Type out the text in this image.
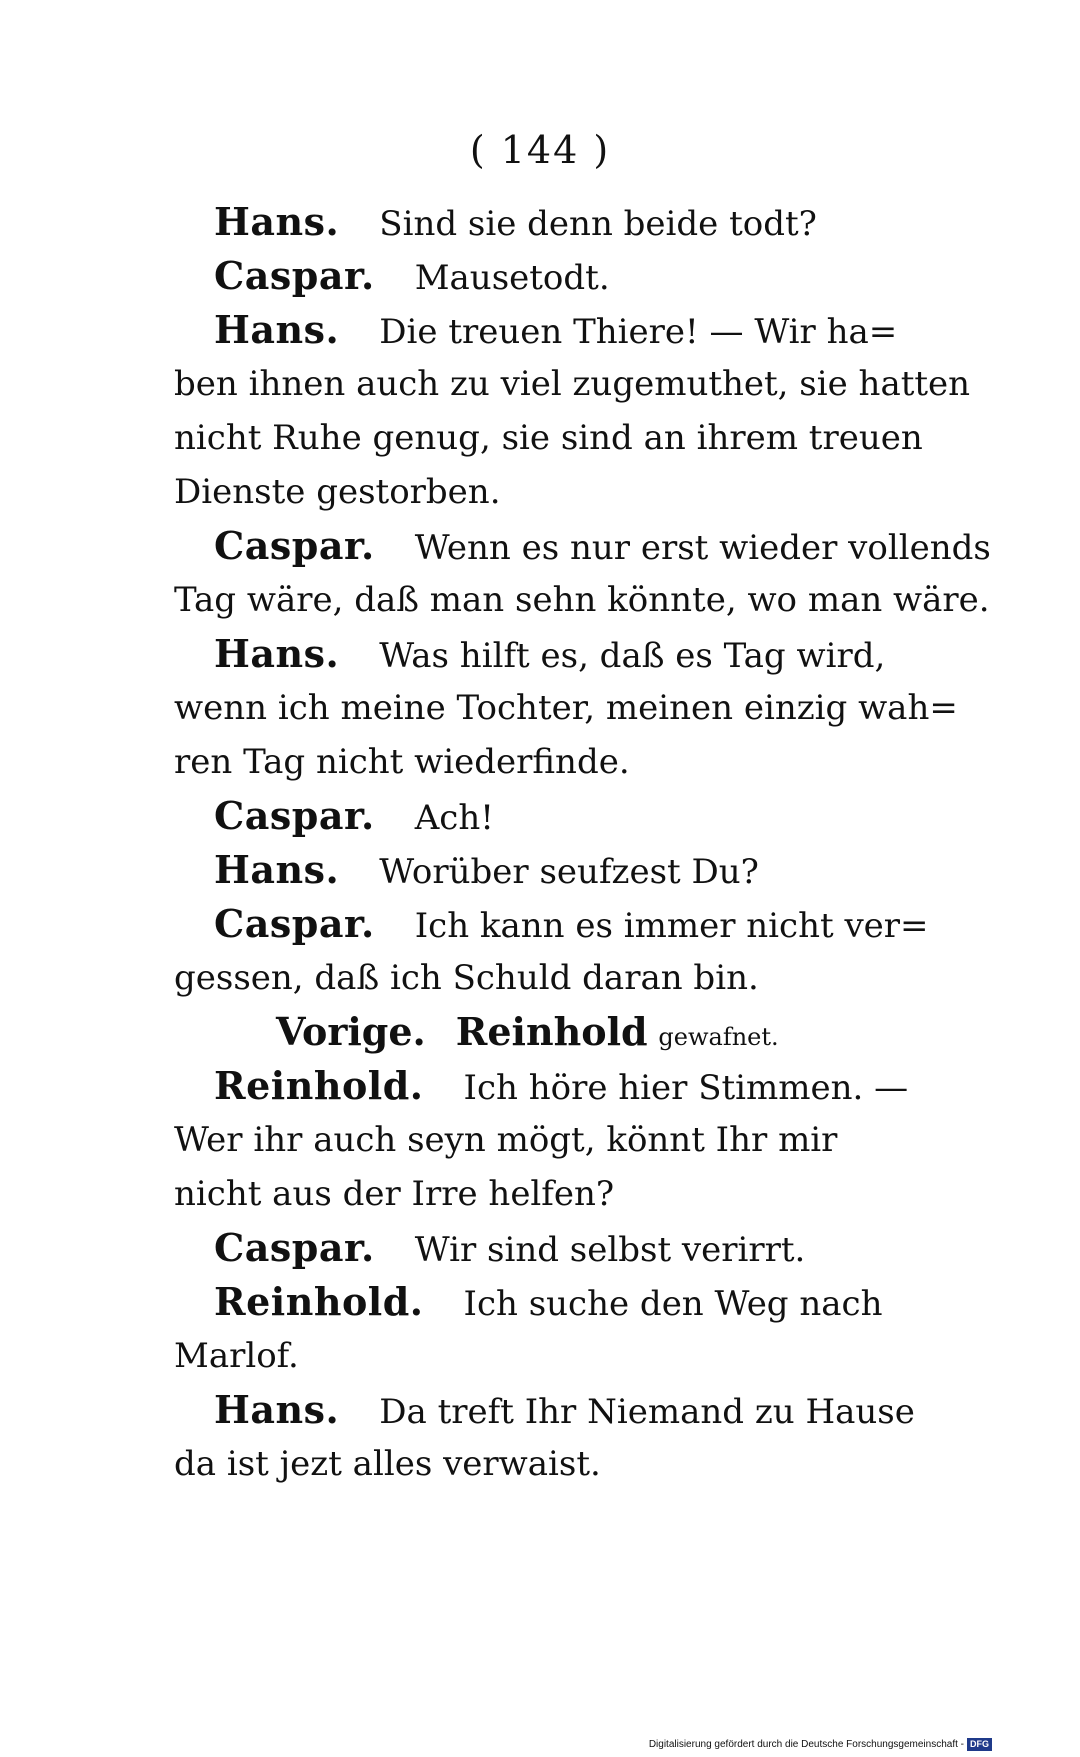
( 144 )
Hans. Sind sie denn beide todt?
Caspar. Mausetodt.
Hans. Die treuen Thiere! — Wir ha=
ben ihnen auch zu viel zugemuthet, sie hatten
nicht Ruhe genug, sie sind an ihrem treuen
Dienste gestorben.
Caspar. Wenn es nur erst wieder vollends
Tag wäre, daß man sehn könnte, wo man wäre.
Hans. Was hilft es, daß es Tag wird,
wenn ich meine Tochter, meinen einzig wah=
ren Tag nicht wiederfinde.
Caspar. Ach!
Hans. Worüber seufzest Du?
Caspar. Ich kann es immer nicht ver=
gessen, daß ich Schuld daran bin.
Vorige. Reinhold gewafnet.
Reinhold. Ich höre hier Stimmen. —
Wer ihr auch seyn mögt, könnt Ihr mir
nicht aus der Irre helfen?
Caspar. Wir sind selbst verirrt.
Reinhold. Ich suche den Weg nach
Marlof.
Hans. Da treft Ihr Niemand zu Hause
da ist jezt alles verwaist.
Digitalisierung gefördert durch die Deutsche Forschungsgemeinschaft - DFG
